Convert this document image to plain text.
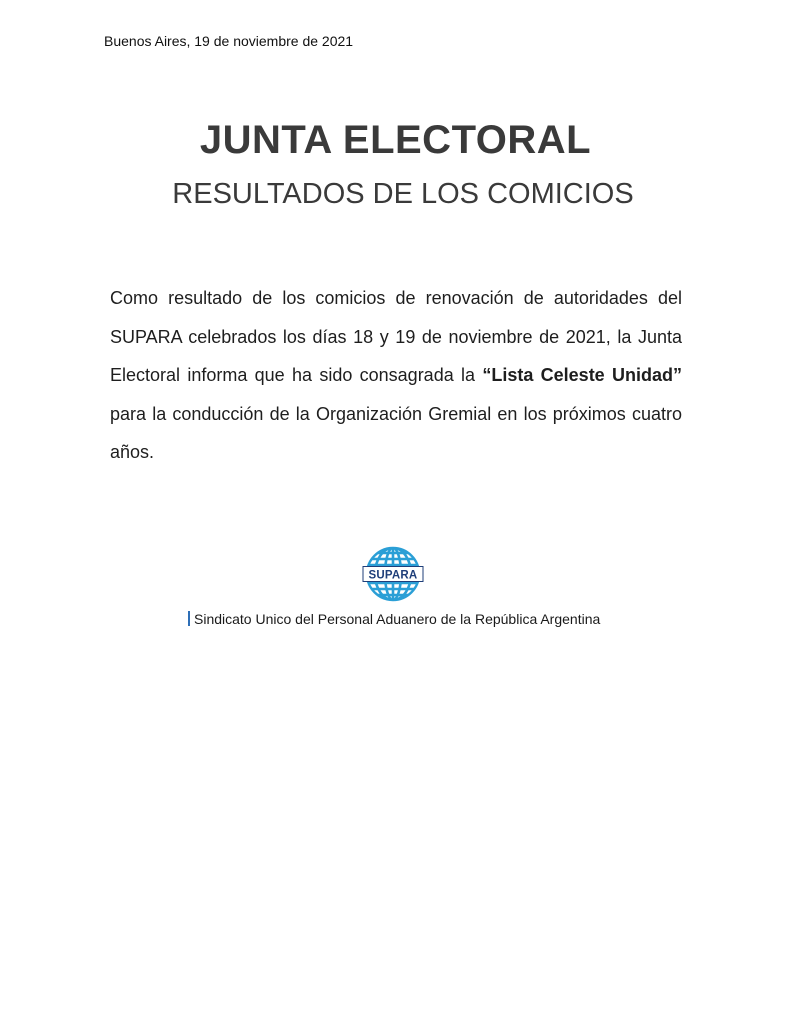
Buenos Aires, 19 de noviembre de 2021
JUNTA ELECTORAL
RESULTADOS DE LOS COMICIOS

Como resultado de los comicios de renovación de autoridades del SUPARA celebrados los días 18 y 19 de noviembre de 2021, la Junta Electoral informa que ha sido consagrada la “Lista Celeste Unidad” para la conducción de la Organización Gremial en los próximos cuatro años.

SUPARA
Sindicato Unico del Personal Aduanero de la República Argentina
